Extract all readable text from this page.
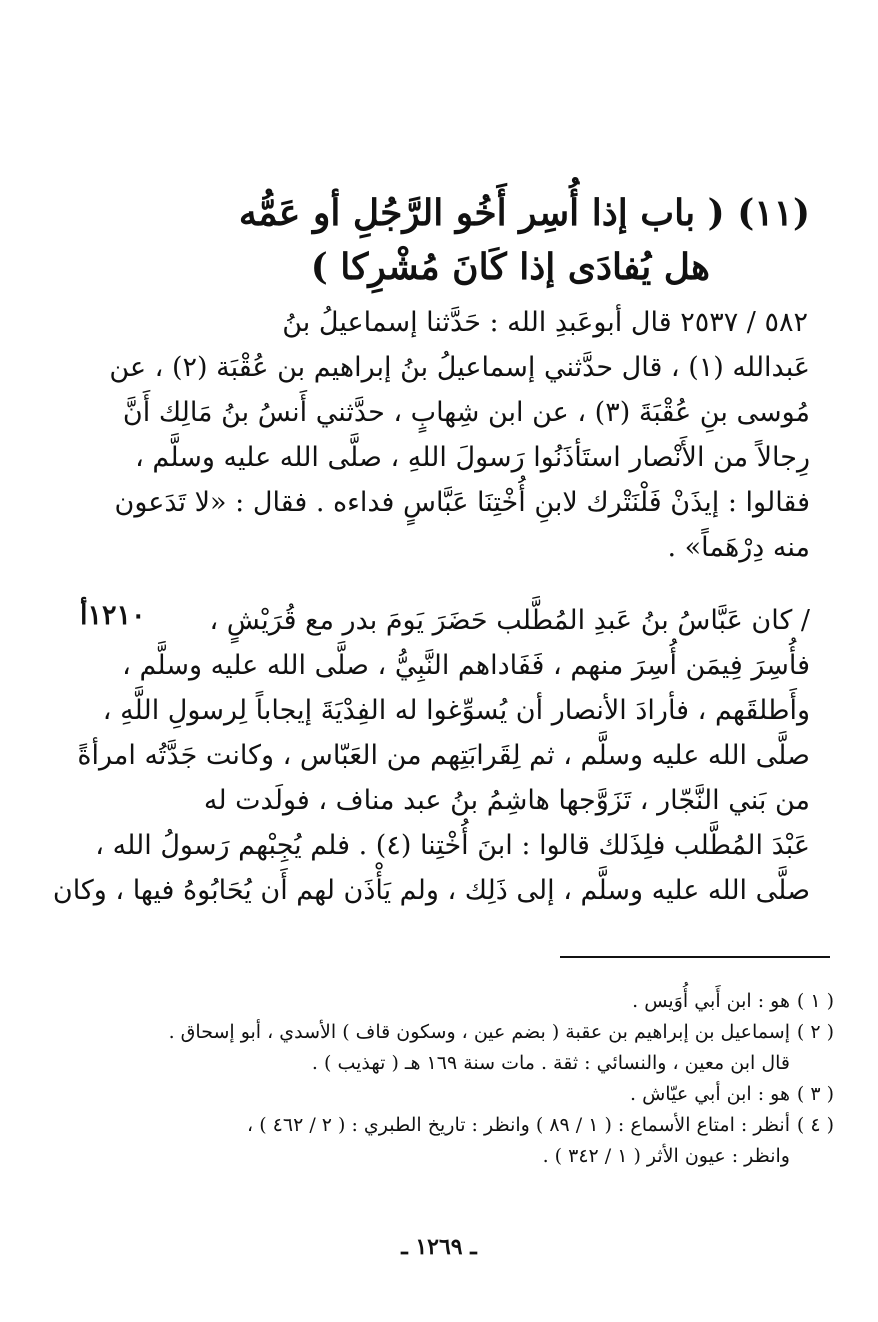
(١١) ( باب إذا أُسِر أَخُو الرَّجُلِ أو عَمُّه
هل يُفادَى إذا كَانَ مُشْرِكا )
٥٨٢ / ٢٥٣٧ قال أبوعَبدِ الله : حَدَّثنا إسماعيلُ بنُ
عَبدالله (١) ، قال حدَّثني إسماعيلُ بنُ إبراهيم بن عُقْبَة (٢) ، عن
مُوسى بنِ عُقْبَةَ (٣) ، عن ابن شِهابٍ ، حدَّثني أَنسُ بنُ مَالِك أَنَّ
رِجالاً من الأَنْصار استَأذَنُوا رَسولَ اللهِ ، صلَّى الله عليه وسلَّم ،
فقالوا : إيذَنْ فَلْنَتْرك لابنِ أُخْتِنَا عَبَّاسٍ فداءه . فقال : «لا تَدَعون
منه دِرْهَماً» .
١٢١٠أ	/ كان عَبَّاسُ بنُ عَبدِ المُطَّلب حَضَرَ يَومَ بدر مع قُرَيْشٍ ،
فأُسِرَ فِيمَن أُسِرَ منهم ، فَفَاداهم النَّبِيُّ ، صلَّى الله عليه وسلَّم ،
وأَطلقَهم ، فأرادَ الأنصار أن يُسوِّغوا له الفِدْيَةَ إيجاباً لِرسولِ اللَّهِ ،
صلَّى الله عليه وسلَّم ، ثم لِقَرابَتِهم من العَبّاس ، وكانت جَدَّتُه امرأةً
من بَني النَّجّار ، تَزَوَّجها هاشِمُ بنُ عبد مناف ، فولَدت له
عَبْدَ المُطَّلب فلِذَلك قالوا : ابنَ أُخْتِنا (٤) . فلم يُجِبْهم رَسولُ الله ،
صلَّى الله عليه وسلَّم ، إلى ذَلِك ، ولم يَأْذَن لهم أَن يُحَابُوهُ فيها ، وكان
( ١ )
هو : ابن أَبي أُوَيس .
( ٢ )
إسماعيل بن إبراهيم بن عقبة ( بضم عين ، وسكون قاف ) الأسدي ، أبو إسحاق .
قال ابن معين ، والنسائي : ثقة . مات سنة ١٦٩ هـ ( تهذيب ) .
( ٣ )
هو : ابن أبي عيّاش .
( ٤ )
أنظر : امتاع الأسماع : ( ١ / ٨٩ ) وانظر : تاريخ الطبري : ( ٢ / ٤٦٢ ) ،
وانظر : عيون الأثر ( ١ / ٣٤٢ ) .
ـ ١٢٦٩ ـ
